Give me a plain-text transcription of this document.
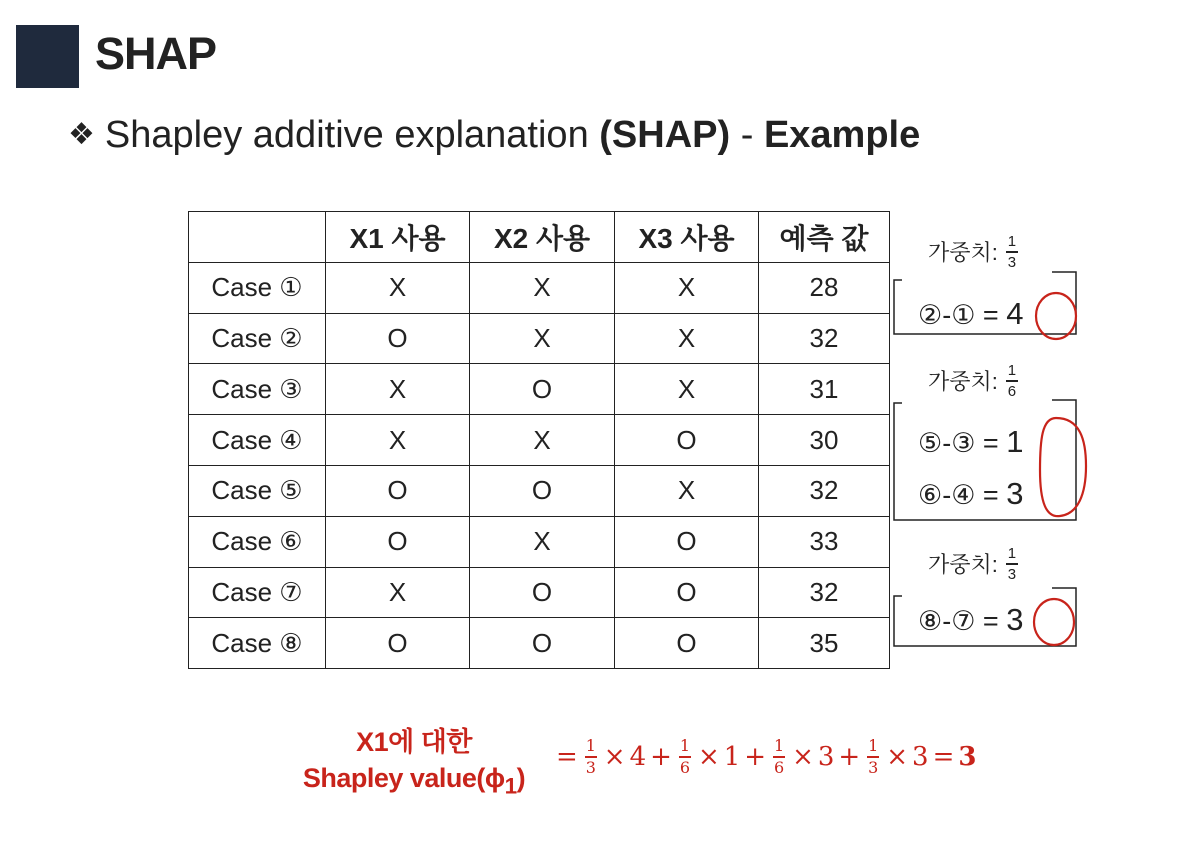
SHAP
❖ Shapley additive explanation (SHAP) - Example
	X1 사용	X2 사용	X3 사용	예측 값
Case ①	X	X	X	28
Case ②	O	X	X	32
Case ③	X	O	X	31
Case ④	X	X	O	30
Case ⑤	O	O	X	32
Case ⑥	O	X	O	33
Case ⑦	X	O	O	32
Case ⑧	O	O	O	35
가중치: $\frac{1}{3}$
②-① = 4
가중치: $\frac{1}{6}$
⑤-③ = 1
⑥-④ = 3
가중치: $\frac{1}{3}$
⑧-⑦ = 3
X1에 대한
Shapley $value(\phi_1)$
= 1
3 × 4 + 1
6 × 1 + 1
6 × 3 + 1
3 × 3 = 3
